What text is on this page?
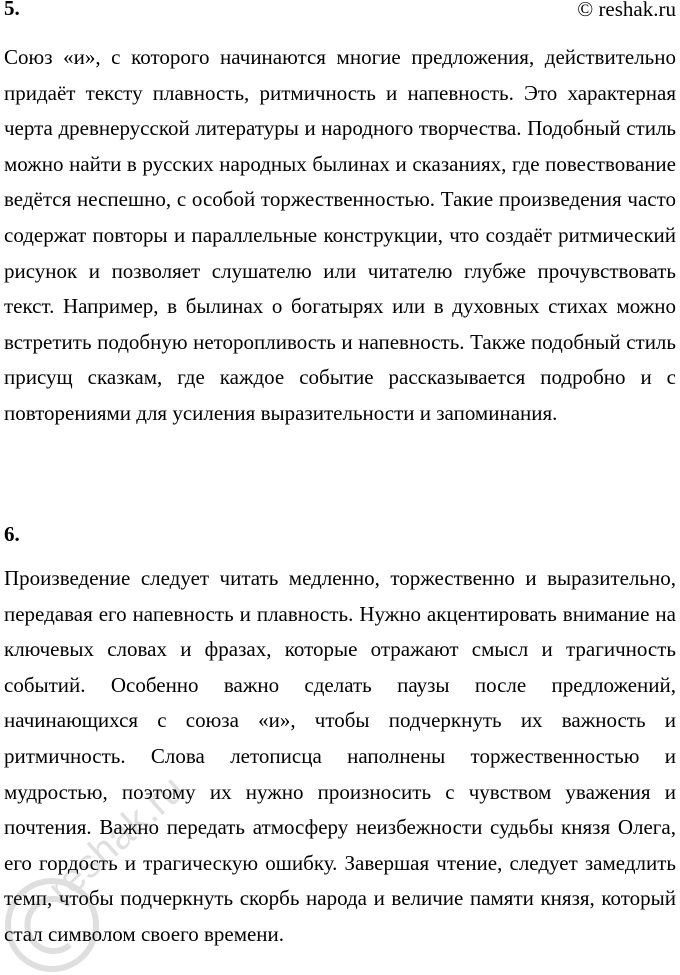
5.	© reshak.ru

Союз «и», с которого начинаются многие предложения, действительно придаёт тексту плавность, ритмичность и напевность. Это характерная черта древнерусской литературы и народного творчества. Подобный стиль можно найти в русских народных былинах и сказаниях, где повествование ведётся неспешно, с особой торжественностью. Такие произведения часто содержат повторы и параллельные конструкции, что создаёт ритмический рисунок и позволяет слушателю или читателю глубже прочувствовать текст. Например, в былинах о богатырях или в духовных стихах можно встретить подобную неторопливость и напевность. Также подобный стиль присущ сказкам, где каждое событие рассказывается подробно и с повторениями для усиления выразительности и запоминания.

6.

Произведение следует читать медленно, торжественно и выразительно, передавая его напевность и плавность. Нужно акцентировать внимание на ключевых словах и фразах, которые отражают смысл и трагичность событий. Особенно важно сделать паузы после предложений, начинающихся с союза «и», чтобы подчеркнуть их важность и ритмичность. Слова летописца наполнены торжественностью и мудростью, поэтому их нужно произносить с чувством уважения и почтения. Важно передать атмосферу неизбежности судьбы князя Олега, его гордость и трагическую ошибку. Завершая чтение, следует замедлить темп, чтобы подчеркнуть скорбь народа и величие памяти князя, который стал символом своего времени.

reshak.ru
